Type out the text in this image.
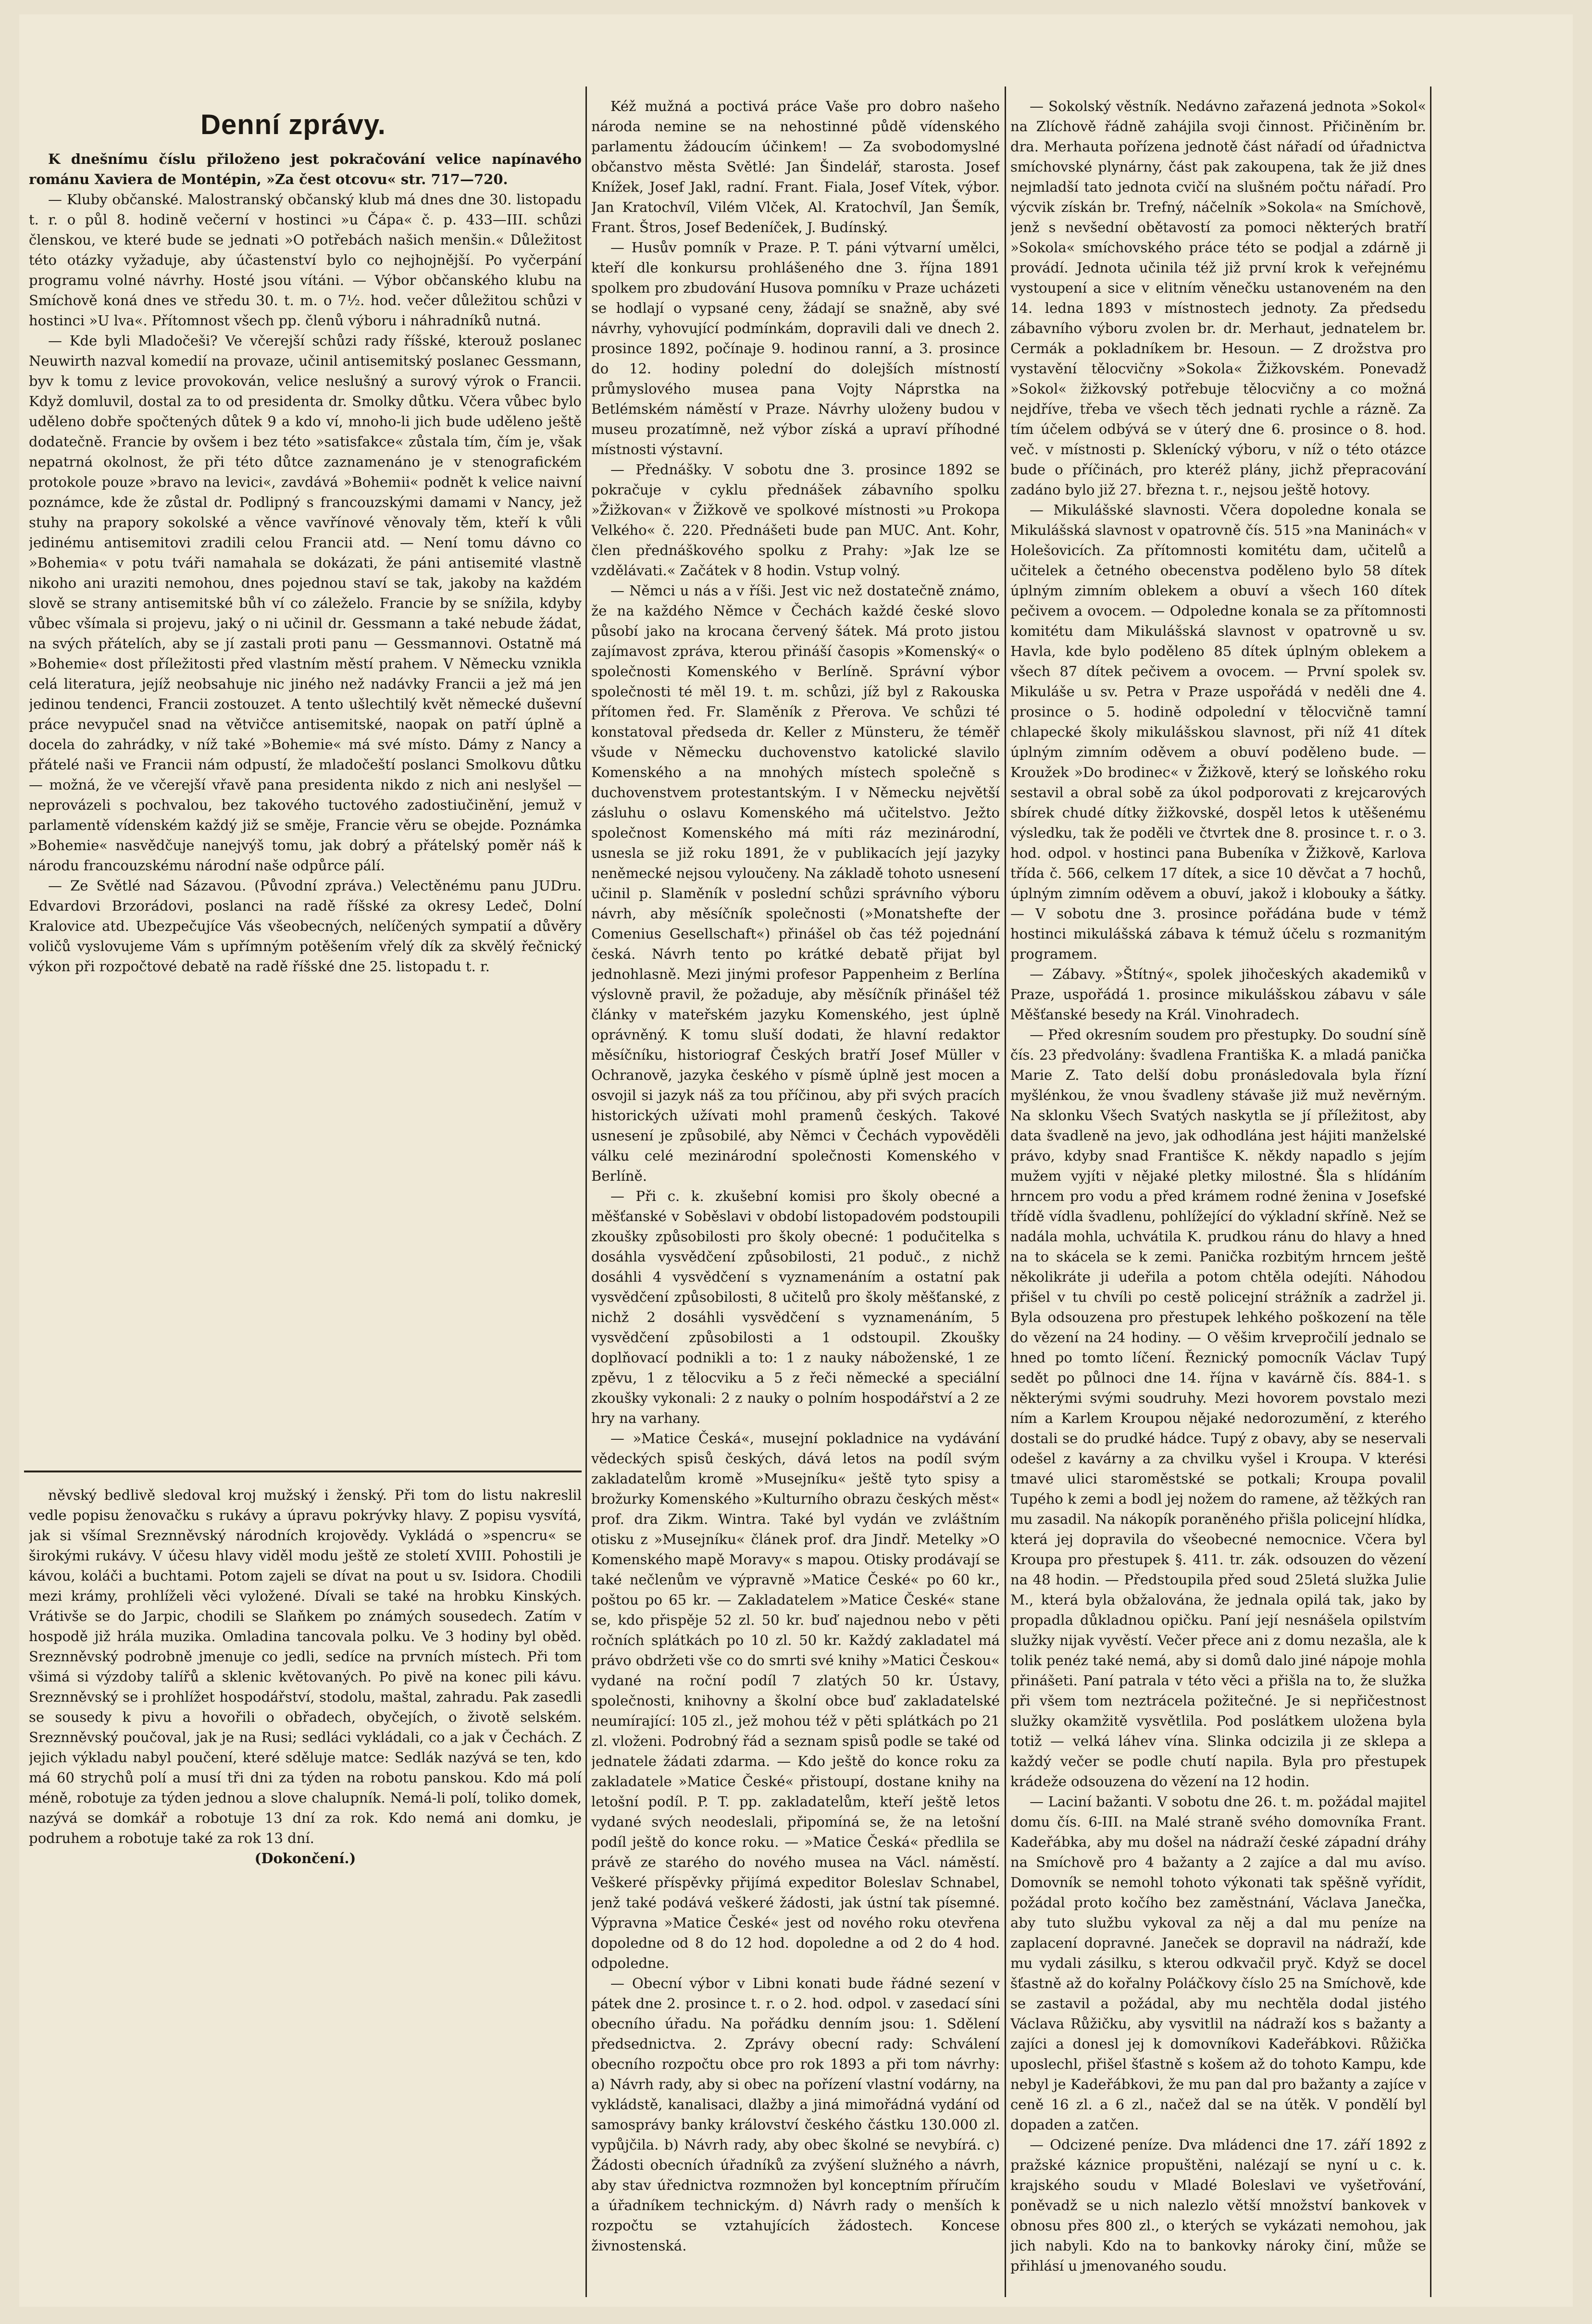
Denní zprávy.

K dnešnímu číslu přiloženo jest pokračování velice napínavého románu Xaviera de Montépin, »Za čest otcovu« str. 717—720.

— Kluby občanské. Malostranský občanský klub má dnes dne 30. listopadu t. r. o půl 8. hodině večerní v hostinci »u Čápa« č. p. 433—III. schůzi členskou, ve které bude se jednati »O potřebách našich menšin.« Důležitost této otázky vyžaduje, aby účastenství bylo co nejhojnější. Po vyčerpání programu volné návrhy. Hosté jsou vítáni. — Výbor občanského klubu na Smíchově koná dnes ve středu 30. t. m. o 7½. hod. večer důležitou schůzi v hostinci »U lva«. Přítomnost všech pp. členů výboru i náhradníků nutná.

— Kde byli Mladočeši? Ve včerejší schůzi rady říšské, kterouž poslanec Neuwirth nazval komedií na provaze, učinil antisemitský poslanec Gessmann, byv k tomu z levice provokován, velice neslušný a surový výrok o Francii. Když domluvil, dostal za to od presidenta dr. Smolky důtku. Včera vůbec bylo uděleno dobře spočtených důtek 9 a kdo ví, mnoho-li jich bude uděleno ještě dodatečně. Francie by ovšem i bez této »satisfakce« zůstala tím, čím je, však nepatrná okolnost, že při této důtce zaznamenáno je v stenografickém protokole pouze »bravo na levici«, zavdává »Bohemii« podnět k velice naivní poznámce, kde že zůstal dr. Podlipný s francouzskými damami v Nancy, jež stuhy na prapory sokolské a věnce vavřínové věnovaly těm, kteří k vůli jedinému antisemitovi zradili celou Francii atd. — Není tomu dávno co »Bohemia« v potu tváři namahala se dokázati, že páni antisemité vlastně nikoho ani uraziti nemohou, dnes pojednou staví se tak, jakoby na každém slově se strany antisemitské bůh ví co záleželo. Francie by se snížila, kdyby vůbec všímala si projevu, jaký o ni učinil dr. Gessmann a také nebude žádat, na svých přátelích, aby se jí zastali proti panu — Gessmannovi. Ostatně má »Bohemie« dost příležitosti před vlastním městí prahem. V Německu vznikla celá literatura, jejíž neobsahuje nic jiného než nadávky Francii a jež má jen jedinou tendenci, Francii zostouzet. A tento ušlechtilý květ německé duševní práce nevypučel snad na větvičce antisemitské, naopak on patří úplně a docela do zahrádky, v níž také »Bohemie« má své místo. Dámy z Nancy a přátelé naši ve Francii nám odpustí, že mladočeští poslanci Smolkovu důtku — možná, že ve včerejší vřavě pana presidenta nikdo z nich ani neslyšel — neprovázeli s pochvalou, bez takového tuctového zadostiučinění, jemuž v parlamentě vídenském každý již se směje, Francie věru se obejde. Poznámka »Bohemie« nasvědčuje nanejvýš tomu, jak dobrý a přátelský poměr náš k národu francouzskému národní naše odpůrce pálí.

— Ze Světlé nad Sázavou. (Původní zpráva.) Velectěnému panu JUDru. Edvardovi Brzorádovi, poslanci na radě říšské za okresy Ledeč, Dolní Kralovice atd. Ubezpečujíce Vás všeobecných, nelíčených sympatií a důvěry voličů vyslovujeme Vám s upřímným potěšením vřelý dík za skvělý řečnický výkon při rozpočtové debatě na radě říšské dne 25. listopadu t. r.

něvský bedlivě sledoval kroj mužský i ženský. Při tom do listu nakreslil vedle popisu ženovačku s rukávy a úpravu pokrývky hlavy. Z popisu vysvítá, jak si všímal Sreznněvský národních krojovědy. Vykládá o »spencru« se širokými rukávy. V účesu hlavy viděl modu ještě ze století XVIII. Pohostili je kávou, koláči a buchtami. Potom zajeli se dívat na pout u sv. Isidora. Chodili mezi krámy, prohlíželi věci vyložené. Dívali se také na hrobku Kinských. Vrátivše se do Jarpic, chodili se Slaňkem po známých sousedech. Zatím v hospodě již hrála muzika. Omladina tancovala polku. Ve 3 hodiny byl oběd. Sreznněvský podrobně jmenuje co jedli, sedíce na prvních místech. Při tom všimá si výzdoby talířů a sklenic květovaných. Po pivě na konec pili kávu. Sreznněvský se i prohlížet hospodářství, stodolu, maštal, zahradu. Pak zasedli se sousedy k pivu a hovořili o obřadech, obyčejích, o životě selském. Sreznněvský poučoval, jak je na Rusi; sedláci vykládali, co a jak v Čechách. Z jejich výkladu nabyl poučení, které sděluje matce: Sedlák nazývá se ten, kdo má 60 strychů polí a musí tři dni za týden na robotu panskou. Kdo má polí méně, robotuje za týden jednou a slove chalupník. Nemá-li polí, toliko domek, nazývá se domkář a robotuje 13 dní za rok. Kdo nemá ani domku, je podruhem a robotuje také za rok 13 dní.

(Dokončení.)

Kéž mužná a poctivá práce Vaše pro dobro našeho národa nemine se na nehostinné půdě vídenského parlamentu žádoucím účinkem! — Za svobodomyslné občanstvo města Světlé: Jan Šindelář, starosta. Josef Knížek, Josef Jakl, radní. Frant. Fiala, Josef Vítek, výbor. Jan Kratochvíl, Vilém Vlček, Al. Kratochvíl, Jan Šemík, Frant. Štros, Josef Bedeníček, J. Budínský.

— Husův pomník v Praze. P. T. páni výtvarní umělci, kteří dle konkursu prohlášeného dne 3. října 1891 spolkem pro zbudování Husova pomníku v Praze ucházeti se hodlají o vypsané ceny, žádají se snažně, aby své návrhy, vyhovující podmínkám, dopravili dali ve dnech 2. prosince 1892, počínaje 9. hodinou ranní, a 3. prosince do 12. hodiny polední do dolejších místností průmyslového musea pana Vojty Náprstka na Betlémském náměstí v Praze. Návrhy uloženy budou v museu prozatímně, než výbor získá a upraví příhodné místnosti výstavní.

— Přednášky. V sobotu dne 3. prosince 1892 se pokračuje v cyklu přednášek zábavního spolku »Žižkovan« v Žižkově ve spolkové místnosti »u Prokopa Velkého« č. 220. Přednášeti bude pan MUC. Ant. Kohr, člen přednáškového spolku z Prahy: »Jak lze se vzdělávati.« Začátek v 8 hodin. Vstup volný.

— Němci u nás a v říši. Jest vic než dostatečně známo, že na každého Němce v Čechách každé české slovo působí jako na krocana červený šátek. Má proto jistou zajímavost zpráva, kterou přináší časopis »Komenský« o společnosti Komenského v Berlíně. Správní výbor společnosti té měl 19. t. m. schůzi, jíž byl z Rakouska přítomen řed. Fr. Slaměník z Přerova. Ve schůzi té konstatoval předseda dr. Keller z Münsteru, že téměř všude v Německu duchovenstvo katolické slavilo Komenského a na mnohých místech společně s duchovenstvem protestantským. I v Německu největší zásluhu o oslavu Komenského má učitelstvo. Ježto společnost Komenského má míti ráz mezinárodní, usnesla se již roku 1891, že v publikacích její jazyky neněmecké nejsou vyloučeny. Na základě tohoto usnesení učinil p. Slaměník v poslední schůzi správního výboru návrh, aby měsíčník společnosti (»Monatshefte der Comenius Gesellschaft«) přinášel ob čas též pojednání česká. Návrh tento po krátké debatě přijat byl jednohlasně. Mezi jinými profesor Pappenheim z Berlína výslovně pravil, že požaduje, aby měsíčník přinášel též články v mateřském jazyku Komenského, jest úplně oprávněný. K tomu sluší dodati, že hlavní redaktor měsíčníku, historiograf Českých bratří Josef Müller v Ochranově, jazyka českého v písmě úplně jest mocen a osvojil si jazyk náš za tou příčinou, aby při svých pracích historických užívati mohl pramenů českých. Takové usnesení je způsobilé, aby Němci v Čechách vypověděli válku celé mezinárodní společnosti Komenského v Berlíně.

— Při c. k. zkušební komisi pro školy obecné a měšťanské v Soběslavi v období listopadovém podstoupili zkoušky způsobilosti pro školy obecné: 1 podučitelka s dosáhla vysvědčení způsobilosti, 21 poduč., z nichž dosáhli 4 vysvědčení s vyznamenáním a ostatní pak vysvědčení způsobilosti, 8 učitelů pro školy měšťanské, z nichž 2 dosáhli vysvědčení s vyznamenáním, 5 vysvědčení způsobilosti a 1 odstoupil. Zkoušky doplňovací podnikli a to: 1 z nauky náboženské, 1 ze zpěvu, 1 z tělocviku a 5 z řeči německé a speciální zkoušky vykonali: 2 z nauky o polním hospodářství a 2 ze hry na varhany.

— »Matice Česká«, musejní pokladnice na vydávání vědeckých spisů českých, dává letos na podíl svým zakladatelům kromě »Musejníku« ještě tyto spisy a brožurky Komenského »Kulturního obrazu českých měst« prof. dra Zikm. Wintra. Také byl vydán ve zvláštním otisku z »Musejníku« článek prof. dra Jindř. Metelky »O Komenského mapě Moravy« s mapou. Otisky prodávají se také nečlenům ve výpravně »Matice České« po 60 kr., poštou po 65 kr. — Zakladatelem »Matice České« stane se, kdo přispěje 52 zl. 50 kr. buď najednou nebo v pěti ročních splátkách po 10 zl. 50 kr. Každý zakladatel má právo obdržeti vše co do smrti své knihy »Matici Českou« vydané na roční podíl 7 zlatých 50 kr. Ústavy, společnosti, knihovny a školní obce buď zakladatelské neumírající: 105 zl., jež mohou též v pěti splátkách po 21 zl. vloženi. Podrobný řád a seznam spisů podle se také od jednatele žádati zdarma. — Kdo ještě do konce roku za zakladatele »Matice České« přistoupí, dostane knihy na letošní podíl. P. T. pp. zakladatelům, kteří ještě letos vydané svých neodeslali, připomíná se, že na letošní podíl ještě do konce roku. — »Matice Česká« předlila se právě ze starého do nového musea na Václ. náměstí. Veškeré příspěvky přijímá expeditor Boleslav Schnabel, jenž také podává veškeré žádosti, jak ústní tak písemné. Výpravna »Matice České« jest od nového roku otevřena dopoledne od 8 do 12 hod. dopoledne a od 2 do 4 hod. odpoledne.

— Obecní výbor v Libni konati bude řádné sezení v pátek dne 2. prosince t. r. o 2. hod. odpol. v zasedací síni obecního úřadu. Na pořádku denním jsou: 1. Sdělení předsednictva. 2. Zprávy obecní rady: Schválení obecního rozpočtu obce pro rok 1893 a při tom návrhy: a) Návrh rady, aby si obec na pořízení vlastní vodárny, na vykládstě, kanalisaci, dlažby a jiná mimořádná vydání od samosprávy banky království českého částku 130.000 zl. vypůjčila. b) Návrh rady, aby obec školné se nevybírá. c) Žádosti obecních úřadníků za zvýšení služného a návrh, aby stav úřednictva rozmnožen byl konceptním příručím a úřadníkem technickým. d) Návrh rady o menších k rozpočtu se vztahujících žádostech. Koncese živnostenská.

— Sokolský věstník. Nedávno zařazená jednota »Sokol« na Zlíchově řádně zahájila svoji činnost. Přičiněním br. dra. Merhauta pořízena jednotě část nářadí od úřadnictva smíchovské plynárny, část pak zakoupena, tak že již dnes nejmladší tato jednota cvičí na slušném počtu nářadí. Pro výcvik získán br. Trefný, náčelník »Sokola« na Smíchově, jenž s nevšední obětavostí za pomoci některých bratří »Sokola« smíchovského práce této se podjal a zdárně ji provádí. Jednota učinila též již první krok k veřejnému vystoupení a sice v elitním věnečku ustanoveném na den 14. ledna 1893 v místnostech jednoty. Za předsedu zábavního výboru zvolen br. dr. Merhaut, jednatelem br. Cermák a pokladníkem br. Hesoun. — Z drožstva pro vystavění tělocvičny »Sokola« Žižkovském. Ponevadž »Sokol« žižkovský potřebuje tělocvičny a co možná nejdříve, třeba ve všech těch jednati rychle a rázně. Za tím účelem odbývá se v úterý dne 6. prosince o 8. hod. več. v místnosti p. Sklenícký výboru, v níž o této otázce bude o příčinách, pro kteréž plány, jichž přepracování zadáno bylo již 27. března t. r., nejsou ještě hotovy.

— Mikulášské slavnosti. Včera dopoledne konala se Mikulášská slavnost v opatrovně čís. 515 »na Maninách« v Holešovicích. Za přítomnosti komitétu dam, učitelů a učitelek a četného obecenstva poděleno bylo 58 dítek úplným zimním oblekem a obuví a všech 160 dítek pečivem a ovocem. — Odpoledne konala se za přítomnosti komitétu dam Mikulášská slavnost v opatrovně u sv. Havla, kde bylo poděleno 85 dítek úplným oblekem a všech 87 dítek pečivem a ovocem. — První spolek sv. Mikuláše u sv. Petra v Praze uspořádá v neděli dne 4. prosince o 5. hodině odpolední v tělocvičně tamní chlapecké školy mikulášskou slavnost, při níž 41 dítek úplným zimním oděvem a obuví poděleno bude. — Kroužek »Do brodinec« v Žižkově, který se loňského roku sestavil a obral sobě za úkol podporovati z krejcarových sbírek chudé dítky žižkovské, dospěl letos k utěšenému výsledku, tak že poděli ve čtvrtek dne 8. prosince t. r. o 3. hod. odpol. v hostinci pana Bubeníka v Žižkově, Karlova třída č. 566, celkem 17 dítek, a sice 10 děvčat a 7 hochů, úplným zimním oděvem a obuví, jakož i klobouky a šátky. — V sobotu dne 3. prosince pořádána bude v témž hostinci mikulášská zábava k témuž účelu s rozmanitým programem.

— Zábavy. »Štítný«, spolek jihočeských akademiků v Praze, uspořádá 1. prosince mikulášskou zábavu v sále Měšťanské besedy na Král. Vinohradech.

— Před okresním soudem pro přestupky. Do soudní síně čís. 23 předvolány: švadlena Františka K. a mladá panička Marie Z. Tato delší dobu pronásledovala byla řízní myšlénkou, že vnou švadleny stávaše již muž nevěrným. Na sklonku Všech Svatých naskytla se jí příležitost, aby data švadleně na jevo, jak odhodlána jest hájiti manželské právo, kdyby snad Františce K. někdy napadlo s jejím mužem vyjíti v nějaké pletky milostné. Šla s hlídáním hrncem pro vodu a před krámem rodné ženina v Josefské třídě vídla švadlenu, pohlížející do výkladní skříně. Než se nadála mohla, uchvátila K. prudkou ránu do hlavy a hned na to skácela se k zemi. Panička rozbitým hrncem ještě několikráte ji udeřila a potom chtěla odejíti. Náhodou přišel v tu chvíli po cestě policejní strážník a zadržel ji. Byla odsouzena pro přestupek lehkého poškození na těle do vězení na 24 hodiny. — O věšim krvepročilí jednalo se hned po tomto líčení. Řeznický pomocník Václav Tupý sedět po půlnoci dne 14. října v kavárně čís. 884-1. s některými svými soudruhy. Mezi hovorem povstalo mezi ním a Karlem Kroupou nějaké nedorozumění, z kterého dostali se do prudké hádce. Tupý z obavy, aby se neservali odešel z kavárny a za chvilku vyšel i Kroupa. V kterési tmavé ulici staroměstské se potkali; Kroupa povalil Tupého k zemi a bodl jej nožem do ramene, až těžkých ran mu zasadil. Na nákopík poraněného přišla policejní hlídka, která jej dopravila do všeobecné nemocnice. Včera byl Kroupa pro přestupek §. 411. tr. zák. odsouzen do vězení na 48 hodin. — Předstoupila před soud 25letá služka Julie M., která byla obžalována, že jednala opilá tak, jako by propadla důkladnou opičku. Paní její nesnášela opilstvím služky nijak vyvěstí. Večer přece ani z domu nezašla, ale k tolik penéz také nemá, aby si domů dalo jiné nápoje mohla přinášeti. Paní patrala v této věci a přišla na to, že služka při všem tom neztrácela požitečné. Je si nepřičestnost služky okamžitě vysvětlila. Pod poslátkem uložena byla totiž — velká láhev vína. Slinka odcizila ji ze sklepa a každý večer se podle chutí napila. Byla pro přestupek krádeže odsouzena do vězení na 12 hodin.

— Laciní bažanti. V sobotu dne 26. t. m. požádal majitel domu čís. 6-III. na Malé straně svého domovníka Frant. Kadeřábka, aby mu došel na nádraží české západní dráhy na Smíchově pro 4 bažanty a 2 zajíce a dal mu avíso. Domovník se nemohl tohoto výkonati tak spěšně vyřídit, požádal proto kočího bez zaměstnání, Václava Janečka, aby tuto službu vykoval za něj a dal mu peníze na zaplacení dopravné. Janeček se dopravil na nádraží, kde mu vydali zásilku, s kterou odkvačil pryč. Když se docel šťastně až do kořalny Poláčkovy číslo 25 na Smíchově, kde se zastavil a požádal, aby mu nechtěla dodal jistého Václava Růžičku, aby vysvitlil na nádraží kos s bažanty a zajíci a donesl jej k domovníkovi Kadeřábkovi. Růžička uposlechl, přišel šťastně s košem až do tohoto Kampu, kde nebyl je Kadeřábkovi, že mu pan dal pro bažanty a zajíce v ceně 16 zl. a 6 zl., načež dal se na útěk. V pondělí byl dopaden a zatčen.

— Odcizené peníze. Dva mládenci dne 17. září 1892 z pražské káznice propuštěni, nalézají se nyní u c. k. krajského soudu v Mladé Boleslavi ve vyšetřování, poněvadž se u nich nalezlo větší množství bankovek v obnosu přes 800 zl., o kterých se vykázati nemohou, jak jich nabyli. Kdo na to bankovky nároky činí, může se přihlásí u jmenovaného soudu.
